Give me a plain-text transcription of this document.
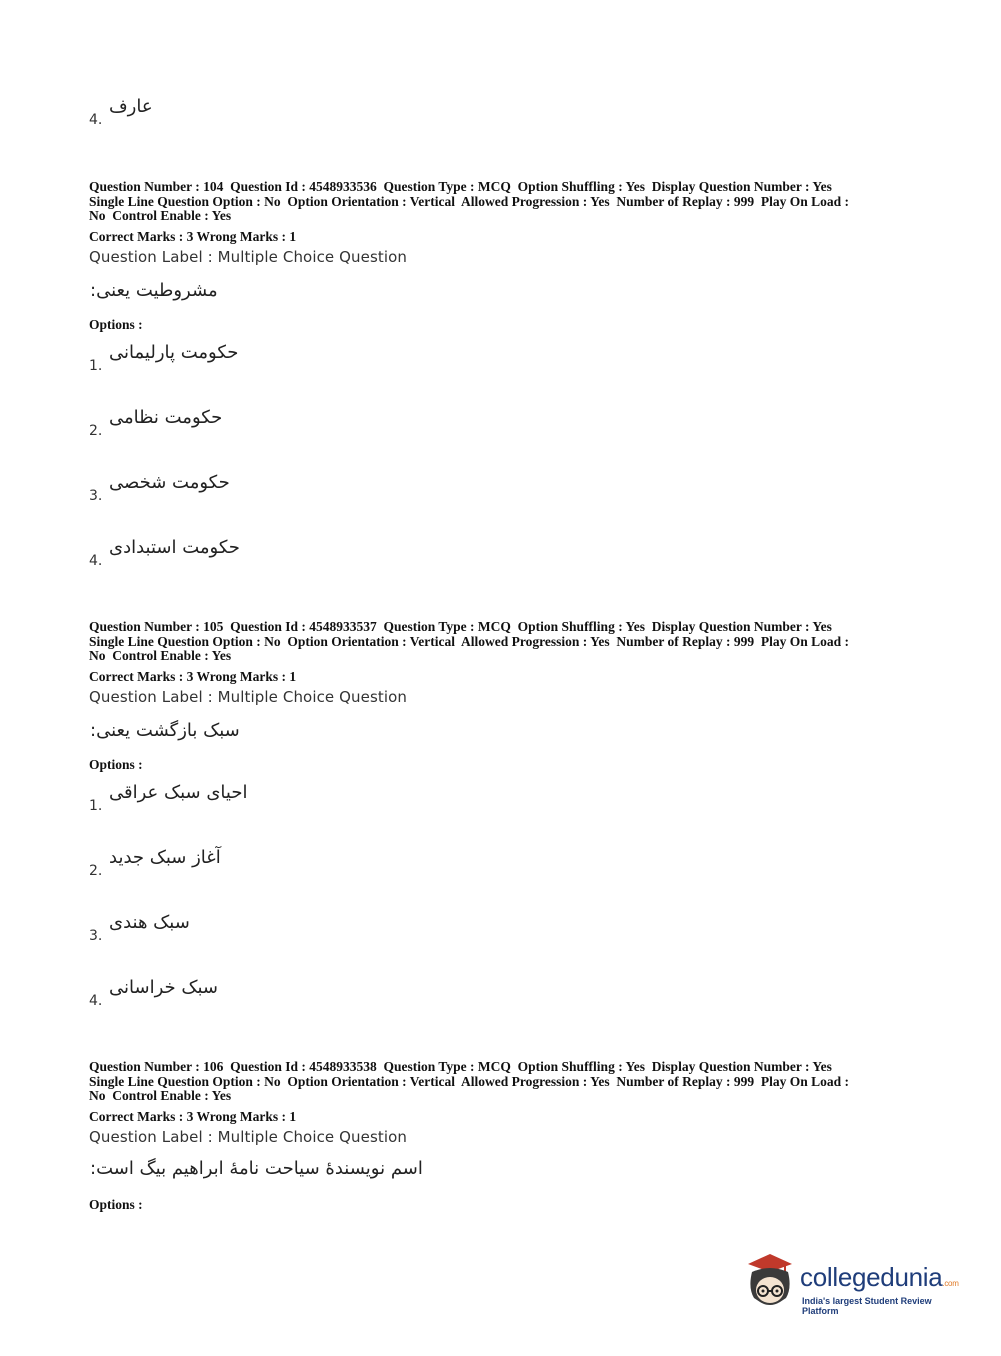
4.
عارف
Question Number : 104  Question Id : 4548933536  Question Type : MCQ  Option Shuffling : Yes  Display Question Number : Yes
Single Line Question Option : No  Option Orientation : Vertical  Allowed Progression : Yes  Number of Replay : 999  Play On Load :
No  Control Enable : Yes
Correct Marks : 3 Wrong Marks : 1
Question Label : Multiple Choice Question
مشروطیت یعنی:
Options :
1.
حکومت پارلیمانی
2.
حکومت نظامی
3.
حکومت شخصی
4.
حکومت استبدادی
Question Number : 105  Question Id : 4548933537  Question Type : MCQ  Option Shuffling : Yes  Display Question Number : Yes
Single Line Question Option : No  Option Orientation : Vertical  Allowed Progression : Yes  Number of Replay : 999  Play On Load :
No  Control Enable : Yes
Correct Marks : 3 Wrong Marks : 1
Question Label : Multiple Choice Question
سبک بازگشت یعنی:
Options :
1.
احیای سبک عراقی
2.
آغاز سبک جدید
3.
سبک هندی
4.
سبک خراسانی
Question Number : 106  Question Id : 4548933538  Question Type : MCQ  Option Shuffling : Yes  Display Question Number : Yes
Single Line Question Option : No  Option Orientation : Vertical  Allowed Progression : Yes  Number of Replay : 999  Play On Load :
No  Control Enable : Yes
Correct Marks : 3 Wrong Marks : 1
Question Label : Multiple Choice Question
اسم نویسندهٔ سیاحت نامهٔ ابراهیم بیگ است:
Options :
collegedunia.com
India's largest Student Review Platform
